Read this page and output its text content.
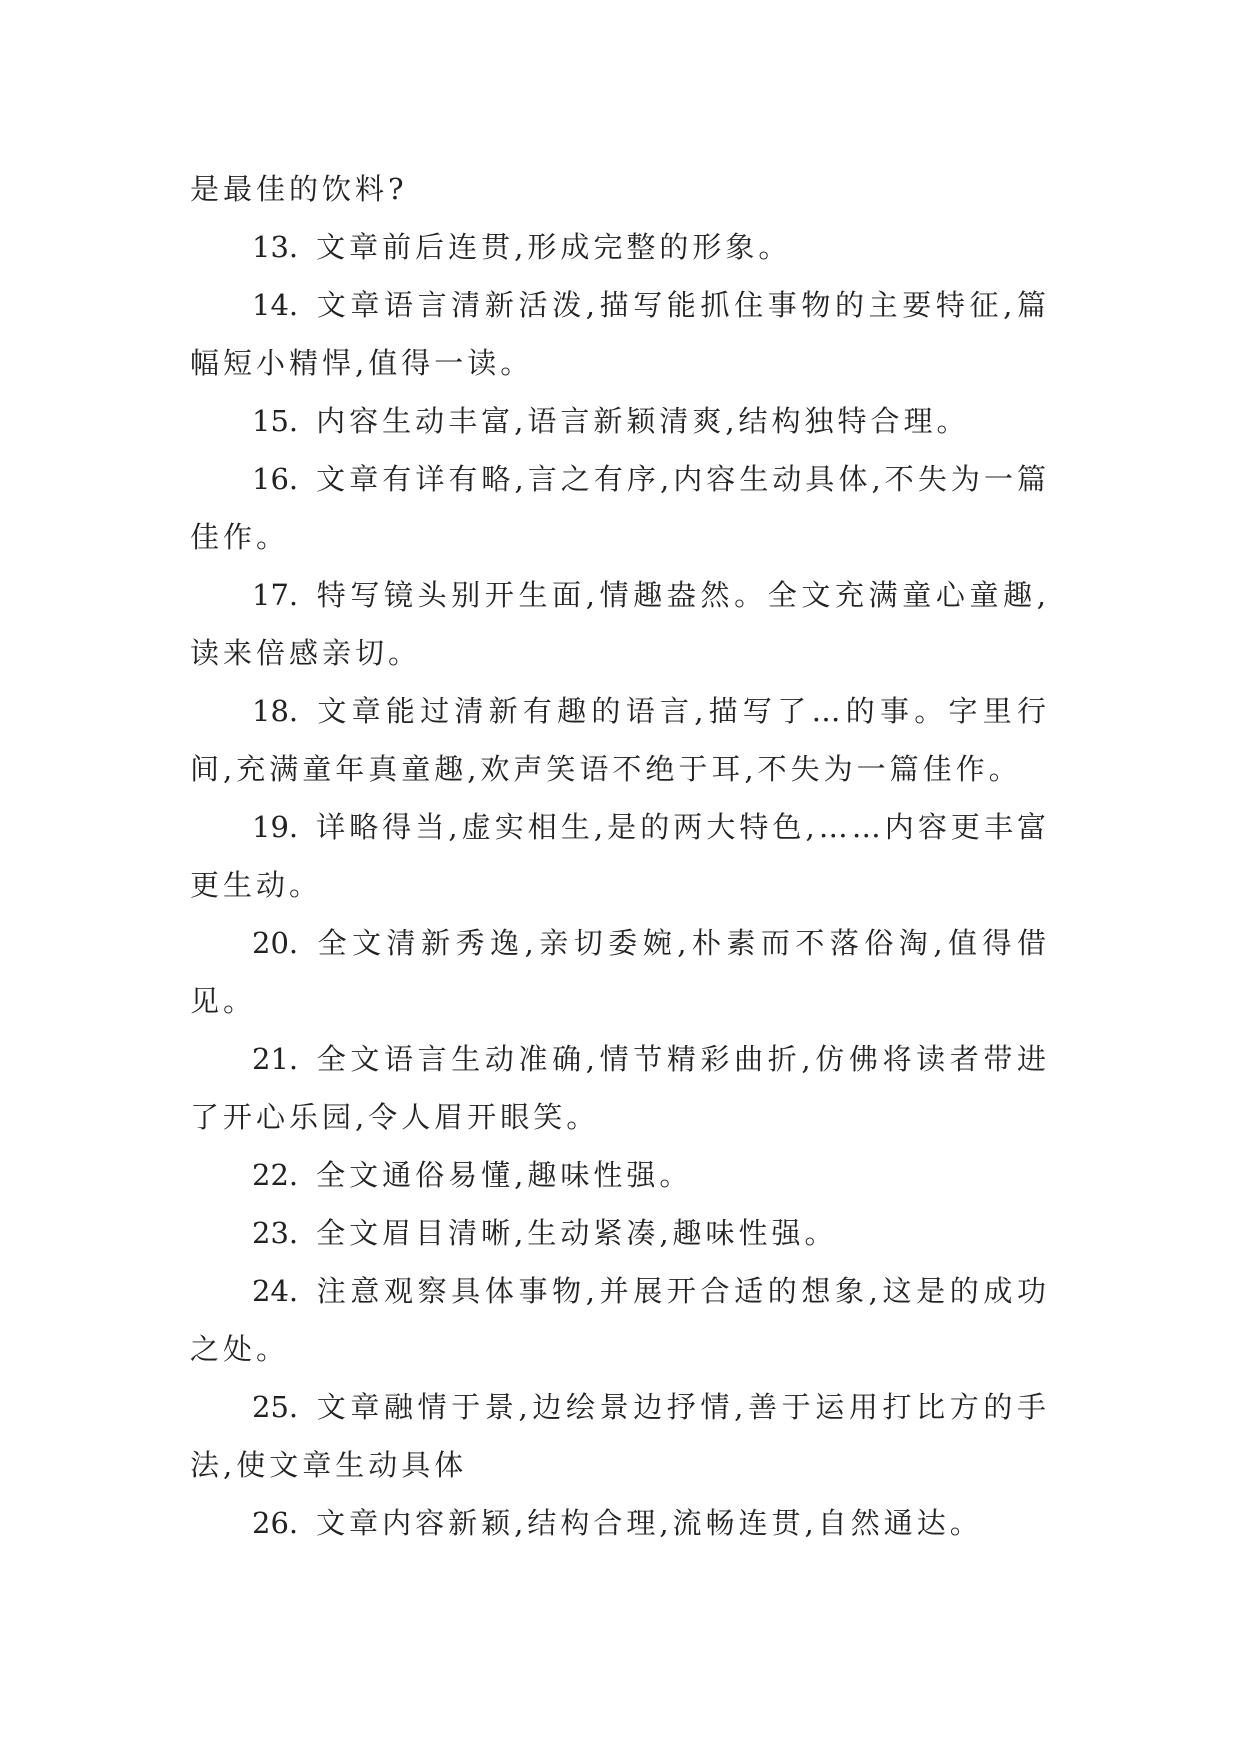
是最佳的饮料?

13. 文章前后连贯,形成完整的形象。

14. 文章语言清新活泼,描写能抓住事物的主要特征,篇幅短小精悍,值得一读。

15. 内容生动丰富,语言新颖清爽,结构独特合理。

16. 文章有详有略,言之有序,内容生动具体,不失为一篇佳作。

17. 特写镜头别开生面,情趣盎然。全文充满童心童趣,读来倍感亲切。

18. 文章能过清新有趣的语言,描写了…的事。字里行间,充满童年真童趣,欢声笑语不绝于耳,不失为一篇佳作。

19. 详略得当,虚实相生,是的两大特色,……内容更丰富更生动。

20. 全文清新秀逸,亲切委婉,朴素而不落俗淘,值得借见。

21. 全文语言生动准确,情节精彩曲折,仿佛将读者带进了开心乐园,令人眉开眼笑。

22. 全文通俗易懂,趣味性强。

23. 全文眉目清晰,生动紧凑,趣味性强。

24. 注意观察具体事物,并展开合适的想象,这是的成功之处。

25. 文章融情于景,边绘景边抒情,善于运用打比方的手法,使文章生动具体

26. 文章内容新颖,结构合理,流畅连贯,自然通达。
